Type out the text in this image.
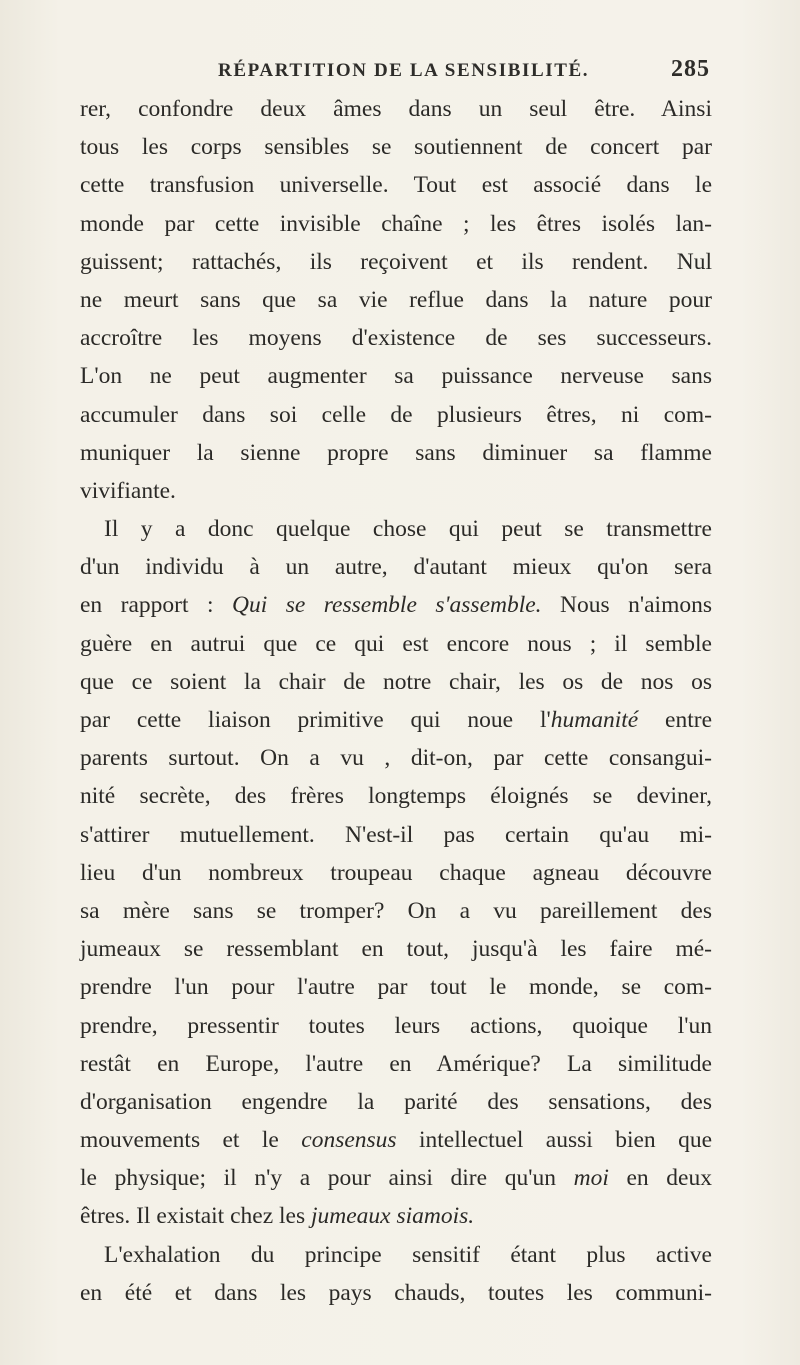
RÉPARTITION DE LA SENSIBILITÉ.	285
rer, confondre deux âmes dans un seul être. Ainsi
tous les corps sensibles se soutiennent de concert par
cette transfusion universelle. Tout est associé dans le
monde par cette invisible chaîne ; les êtres isolés lan-
guissent; rattachés, ils reçoivent et ils rendent. Nul
ne meurt sans que sa vie reflue dans la nature pour
accroître les moyens d'existence de ses successeurs.
L'on ne peut augmenter sa puissance nerveuse sans
accumuler dans soi celle de plusieurs êtres, ni com-
muniquer la sienne propre sans diminuer sa flamme
vivifiante.
Il y a donc quelque chose qui peut se transmettre
d'un individu à un autre, d'autant mieux qu'on sera
en rapport : Qui se ressemble s'assemble. Nous n'aimons
guère en autrui que ce qui est encore nous ; il semble
que ce soient la chair de notre chair, les os de nos os
par cette liaison primitive qui noue l'humanité entre
parents surtout. On a vu , dit-on, par cette consangui-
nité secrète, des frères longtemps éloignés se deviner,
s'attirer mutuellement. N'est-il pas certain qu'au mi-
lieu d'un nombreux troupeau chaque agneau découvre
sa mère sans se tromper? On a vu pareillement des
jumeaux se ressemblant en tout, jusqu'à les faire mé-
prendre l'un pour l'autre par tout le monde, se com-
prendre, pressentir toutes leurs actions, quoique l'un
restât en Europe, l'autre en Amérique? La similitude
d'organisation engendre la parité des sensations, des
mouvements et le consensus intellectuel aussi bien que
le physique; il n'y a pour ainsi dire qu'un moi en deux
êtres. Il existait chez les jumeaux siamois.
L'exhalation du principe sensitif étant plus active
en été et dans les pays chauds, toutes les communi-
